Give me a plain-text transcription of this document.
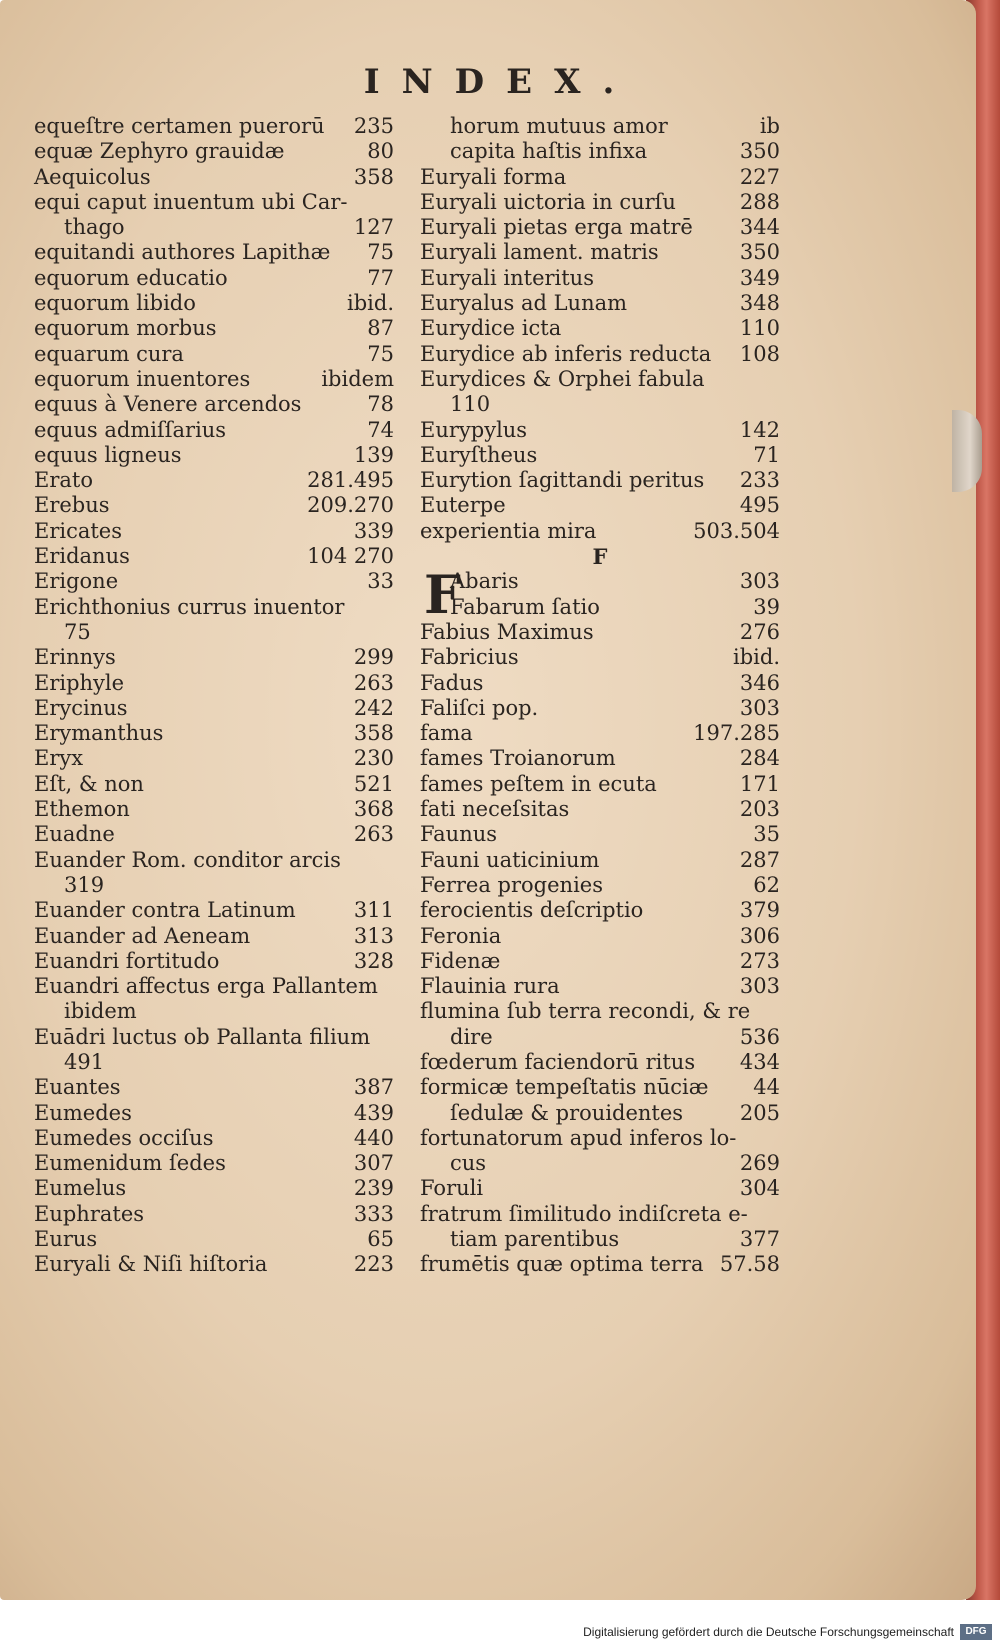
INDEX.
equeſtre certamen puerorū 235
equæ Zephyro grauidæ	80
Aequicolus	358
equi caput inuentum ubi Car-
thago	127
equitandi authores Lapithæ 75
equorum educatio	77
equorum libido	ibid.
equorum morbus	87
equarum cura	75
equorum inuentores	ibidem
equus à Venere arcendos	78
equus admiſſarius	74
equus ligneus	139
Erato	281.495
Erebus	209.270
Ericates	339
Eridanus	104 270
Erigone	33
Erichthonius currus inuentor
75
Erinnys	299
Eriphyle	263
Erycinus	242
Erymanthus	358
Eryx	230
Eſt, & non	521
Ethemon	368
Euadne	263
Euander Rom. conditor arcis
319
Euander contra Latinum	311
Euander ad Aeneam	313
Euandri fortitudo	328
Euandri affectus erga Pallantem
ibidem
Euādri luctus ob Pallanta filium
491
Euantes	387
Eumedes	439
Eumedes occiſus	440
Eumenidum ſedes	307
Eumelus	239
Euphrates	333
Eurus	65
Euryali & Niſi hiſtoria	223
horum mutuus amor	ib
capita haſtis infixa	350
Euryali forma	227
Euryali uictoria in curſu	288
Euryali pietas erga matrē 344
Euryali lament. matris	350
Euryali interitus	349
Euryalus ad Lunam	348
Eurydice icta	110
Eurydice ab inferis reducta 108
Eurydices & Orphei fabula
110
Eurypylus	142
Euryſtheus	71
Eurytion ſagittandi peritus 233
Euterpe	495
experientia mira	503.504
F
Abaris	303
Fabarum ſatio	39
Fabius Maximus	276
Fabricius	ibid.
Fadus	346
Faliſci pop.	303
fama	197.285
fames Troianorum	284
fames peſtem in ecuta	171
fati neceſsitas	203
Faunus	35
Fauni uaticinium	287
Ferrea progenies	62
ferocientis deſcriptio	379
Feronia	306
Fidenæ	273
Flauinia rura	303
flumina ſub terra recondi, & re
dire	536
fœderum faciendorū ritus 434
formicæ tempeſtatis nūciæ 44
ſedulæ & prouidentes	205
fortunatorum apud inferos lo-
cus	269
Foruli	304
fratrum ſimilitudo indiſcreta e-
tiam parentibus	377
frumētis quæ optima terra 57.58
F
Digitalisierung gefördert durch die Deutsche Forschungsgemeinschaft	DFG
